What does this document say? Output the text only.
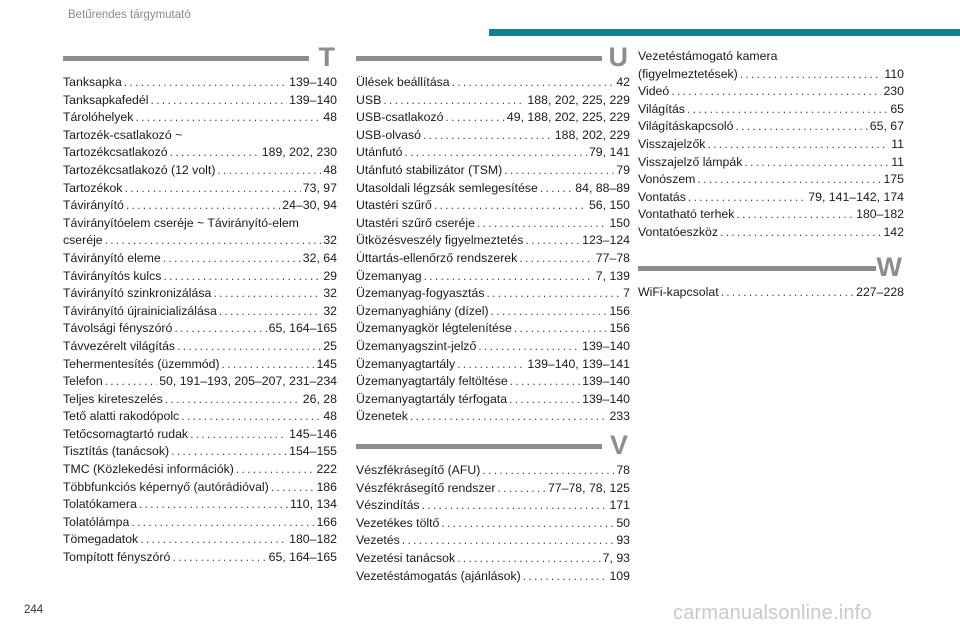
Betűrendes tárgymutató
T
Tanksapka . . .	139–140
Tanksapkafedél . . .	139–140
Tárolóhelyek . . .	48
Tartozék-csatlakozó ~
Tartozékcsatlakozó . . .	189, 202, 230
Tartozékcsatlakozó (12 volt) . . .	48
Tartozékok . . .	73, 97
Távirányító . . .	24–30, 94
Távirányítóelem cseréje ~ Távirányító-elem
cseréje . . .	32
Távirányító eleme . . .	32, 64
Távirányítós kulcs . . .	29
Távirányító szinkronizálása . . .	32
Távirányító újrainicializálása . . .	32
Távolsági fényszóró . . .	65, 164–165
Távvezérelt világítás . . .	25
Tehermentesítés (üzemmód) . . .	145
Telefon . . .	50, 191–193, 205–207, 231–234
Teljes kireteszelés . . .	26, 28
Tető alatti rakodópolc . . .	48
Tetőcsomagtartó rudak . . .	145–146
Tisztítás (tanácsok) . . .	154–155
TMC (Közlekedési információk) . . .	222
Többfunkciós képernyő (autórádióval) . . .	186
Tolatókamera . . .	110, 134
Tolatólámpa . . .	166
Tömegadatok . . .	180–182
Tompított fényszóró . . .	65, 164–165
U
Ülések beállítása . . .	42
USB . . .	188, 202, 225, 229
USB-csatlakozó . . .	49, 188, 202, 225, 229
USB-olvasó . . .	188, 202, 229
Utánfutó . . .	79, 141
Utánfutó stabilizátor (TSM) . . .	79
Utasoldali légzsák semlegesítése . . .	84, 88–89
Utastéri szűrő . . .	56, 150
Utastéri szűrő cseréje . . .	150
Ütközésveszély figyelmeztetés . . .	123–124
Úttartás-ellenőrző rendszerek . . .	77–78
Üzemanyag . . .	7, 139
Üzemanyag-fogyasztás . . .	7
Üzemanyaghiány (dízel) . . .	156
Üzemanyagkör légtelenítése . . .	156
Üzemanyagszint-jelző . . .	139–140
Üzemanyagtartály . . .	139–140, 139–141
Üzemanyagtartály feltöltése . . .	139–140
Üzemanyagtartály térfogata . . .	139–140
Üzenetek . . .	233
V
Vészfékrásegítő (AFU) . . .	78
Vészfékrásegítő rendszer . . .	77–78, 78, 125
Vészindítás . . .	171
Vezetékes töltő . . .	50
Vezetés . . .	93
Vezetési tanácsok . . .	7, 93
Vezetéstámogatás (ajánlások) . . .	109
Vezetéstámogató kamera
(figyelmeztetések) . . .	110
Videó . . .	230
Világítás . . .	65
Világításkapcsoló . . .	65, 67
Visszajelzők . . .	11
Visszajelző lámpák . . .	11
Vonószem . . .	175
Vontatás . . .	79, 141–142, 174
Vontatható terhek . . .	180–182
Vontatóeszköz . . .	142
W
WiFi-kapcsolat . . .	227–228
244	carmanualsonline.info
